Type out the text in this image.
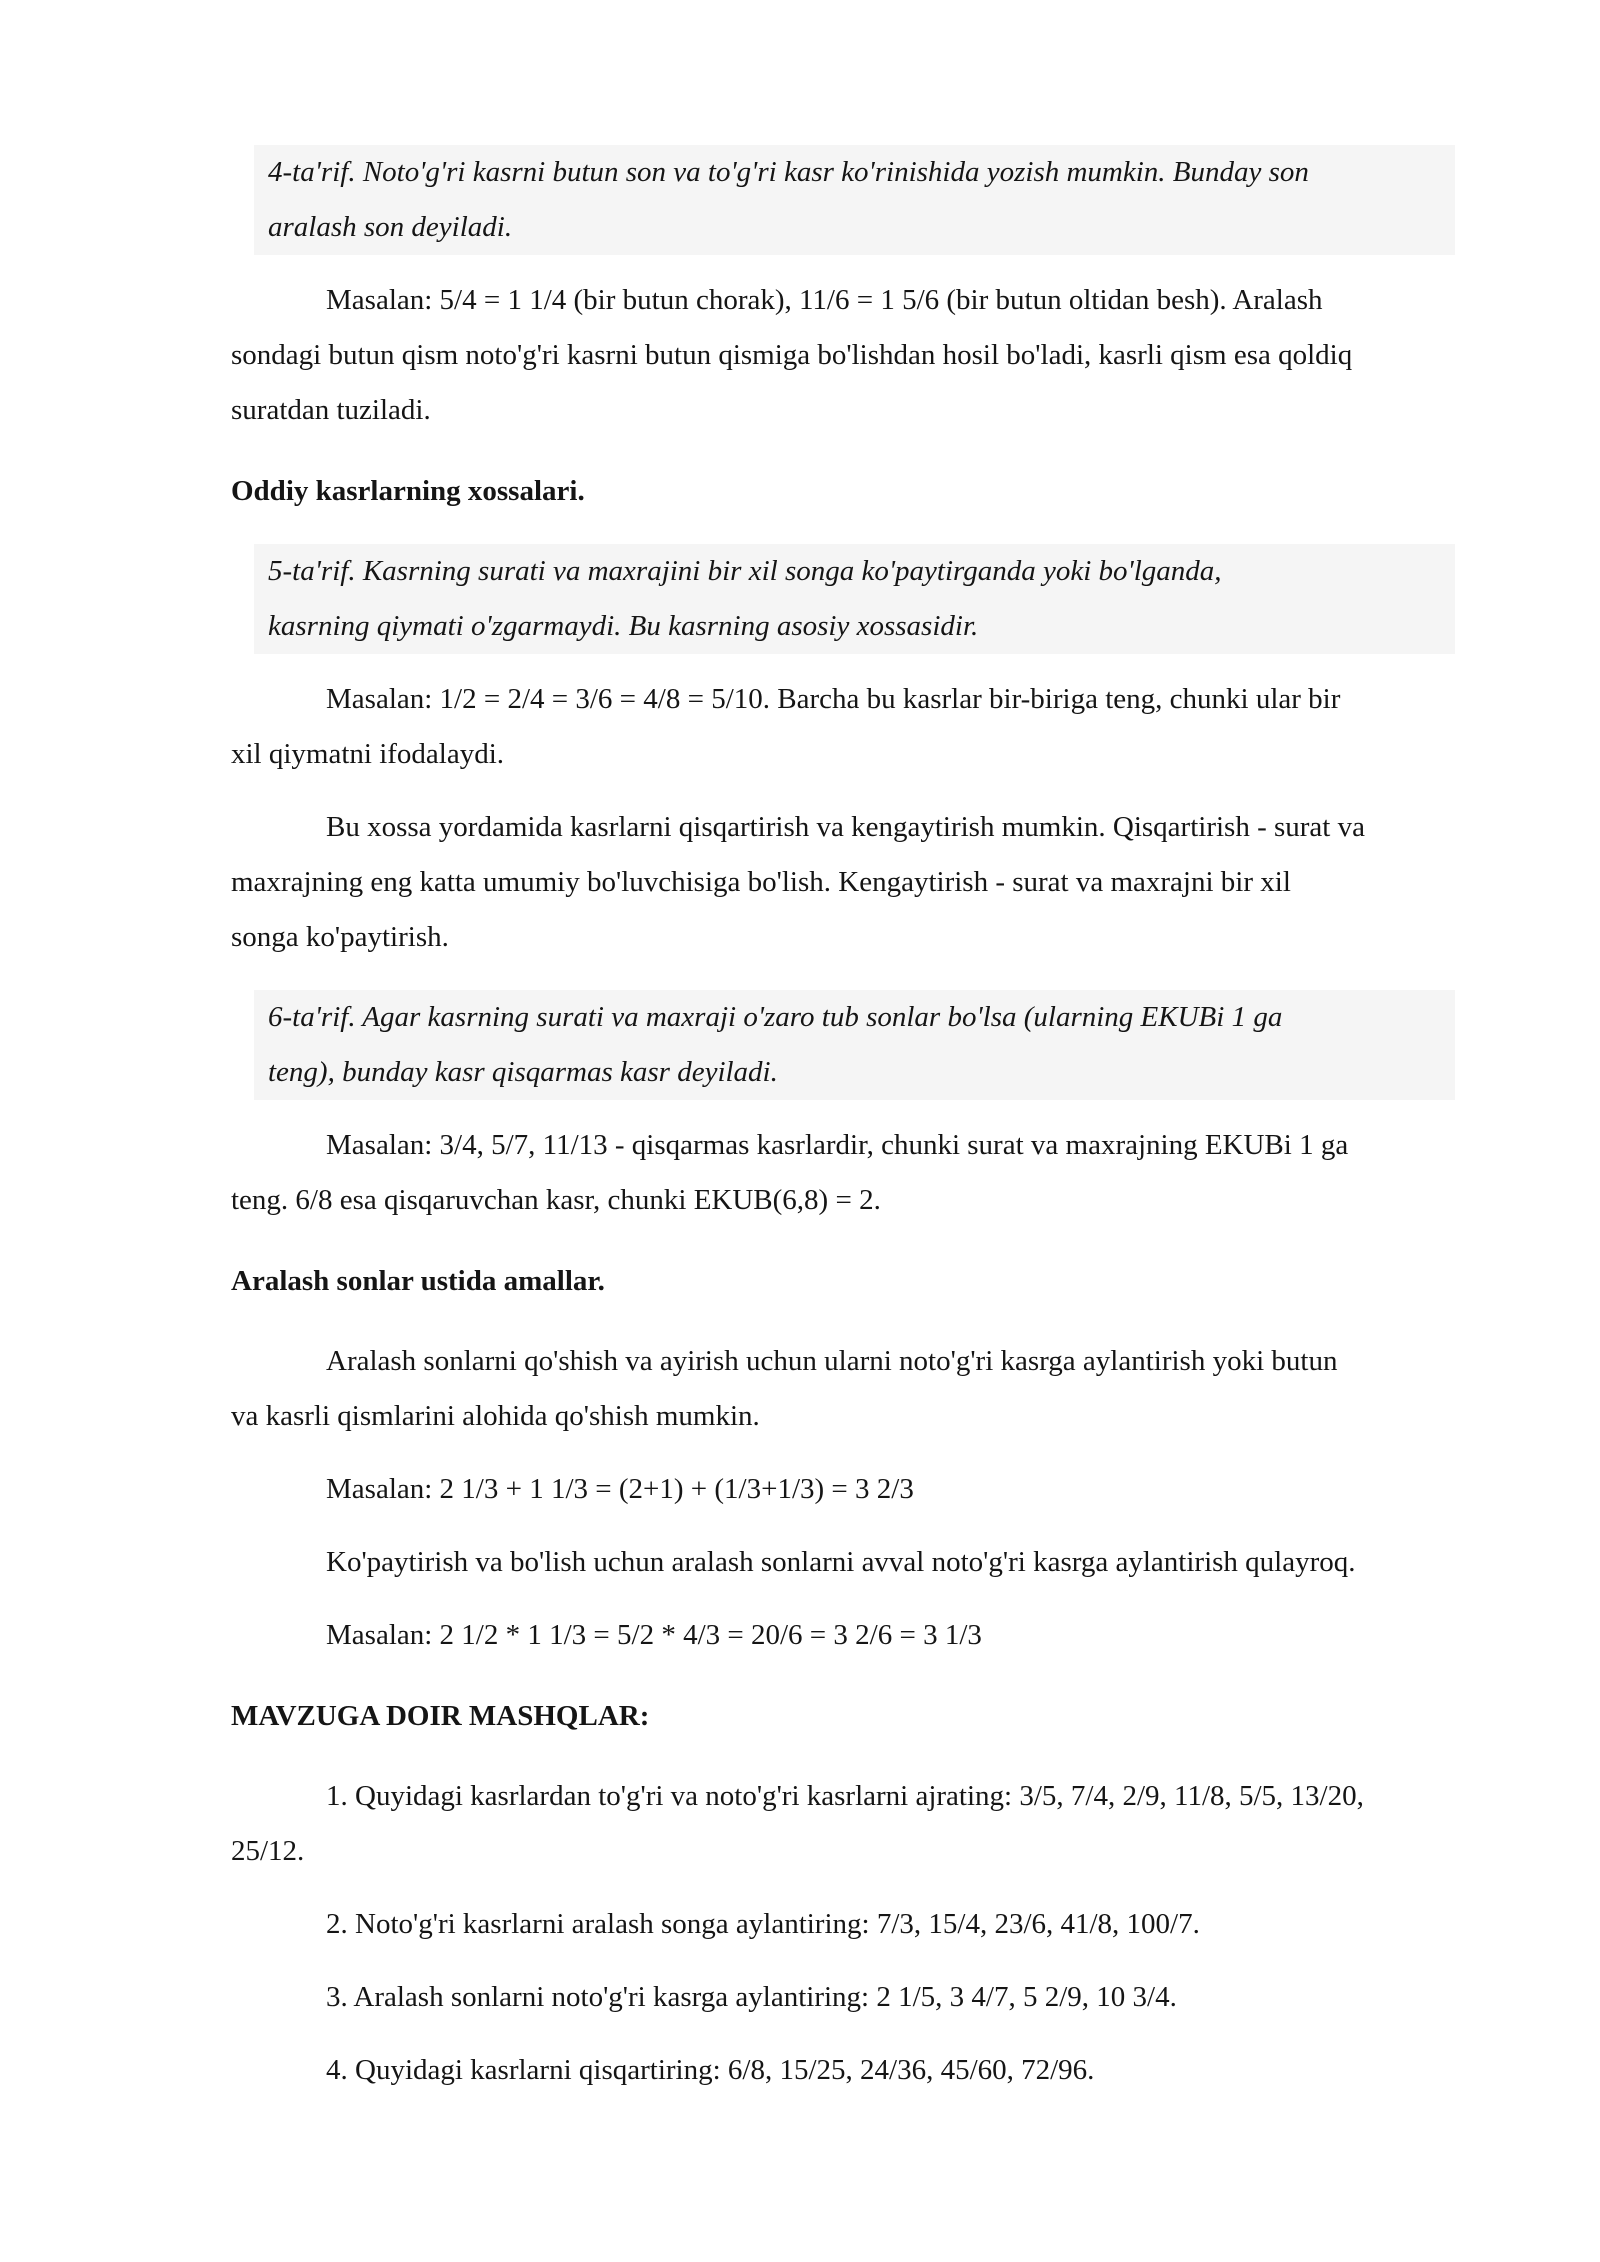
4-ta'rif. Noto'g'ri kasrni butun son va to'g'ri kasr ko'rinishida yozish mumkin. Bunday son
aralash son deyiladi.
Masalan: 5/4 = 1 1/4 (bir butun chorak), 11/6 = 1 5/6 (bir butun oltidan besh). Aralash
sondagi butun qism noto'g'ri kasrni butun qismiga bo'lishdan hosil bo'ladi, kasrli qism esa qoldiq
suratdan tuziladi.
Oddiy kasrlarning xossalari.
5-ta'rif. Kasrning surati va maxrajini bir xil songa ko'paytirganda yoki bo'lganda,
kasrning qiymati o'zgarmaydi. Bu kasrning asosiy xossasidir.
Masalan: 1/2 = 2/4 = 3/6 = 4/8 = 5/10. Barcha bu kasrlar bir-biriga teng, chunki ular bir
xil qiymatni ifodalaydi.
Bu xossa yordamida kasrlarni qisqartirish va kengaytirish mumkin. Qisqartirish - surat va
maxrajning eng katta umumiy bo'luvchisiga bo'lish. Kengaytirish - surat va maxrajni bir xil
songa ko'paytirish.
6-ta'rif. Agar kasrning surati va maxraji o'zaro tub sonlar bo'lsa (ularning EKUBi 1 ga
teng), bunday kasr qisqarmas kasr deyiladi.
Masalan: 3/4, 5/7, 11/13 - qisqarmas kasrlardir, chunki surat va maxrajning EKUBi 1 ga
teng. 6/8 esa qisqaruvchan kasr, chunki EKUB(6,8) = 2.
Aralash sonlar ustida amallar.
Aralash sonlarni qo'shish va ayirish uchun ularni noto'g'ri kasrga aylantirish yoki butun
va kasrli qismlarini alohida qo'shish mumkin.
Masalan: 2 1/3 + 1 1/3 = (2+1) + (1/3+1/3) = 3 2/3
Ko'paytirish va bo'lish uchun aralash sonlarni avval noto'g'ri kasrga aylantirish qulayroq.
Masalan: 2 1/2 * 1 1/3 = 5/2 * 4/3 = 20/6 = 3 2/6 = 3 1/3
MAVZUGA DOIR MASHQLAR:
1. Quyidagi kasrlardan to'g'ri va noto'g'ri kasrlarni ajrating: 3/5, 7/4, 2/9, 11/8, 5/5, 13/20,
25/12.
2. Noto'g'ri kasrlarni aralash songa aylantiring: 7/3, 15/4, 23/6, 41/8, 100/7.
3. Aralash sonlarni noto'g'ri kasrga aylantiring: 2 1/5, 3 4/7, 5 2/9, 10 3/4.
4. Quyidagi kasrlarni qisqartiring: 6/8, 15/25, 24/36, 45/60, 72/96.
